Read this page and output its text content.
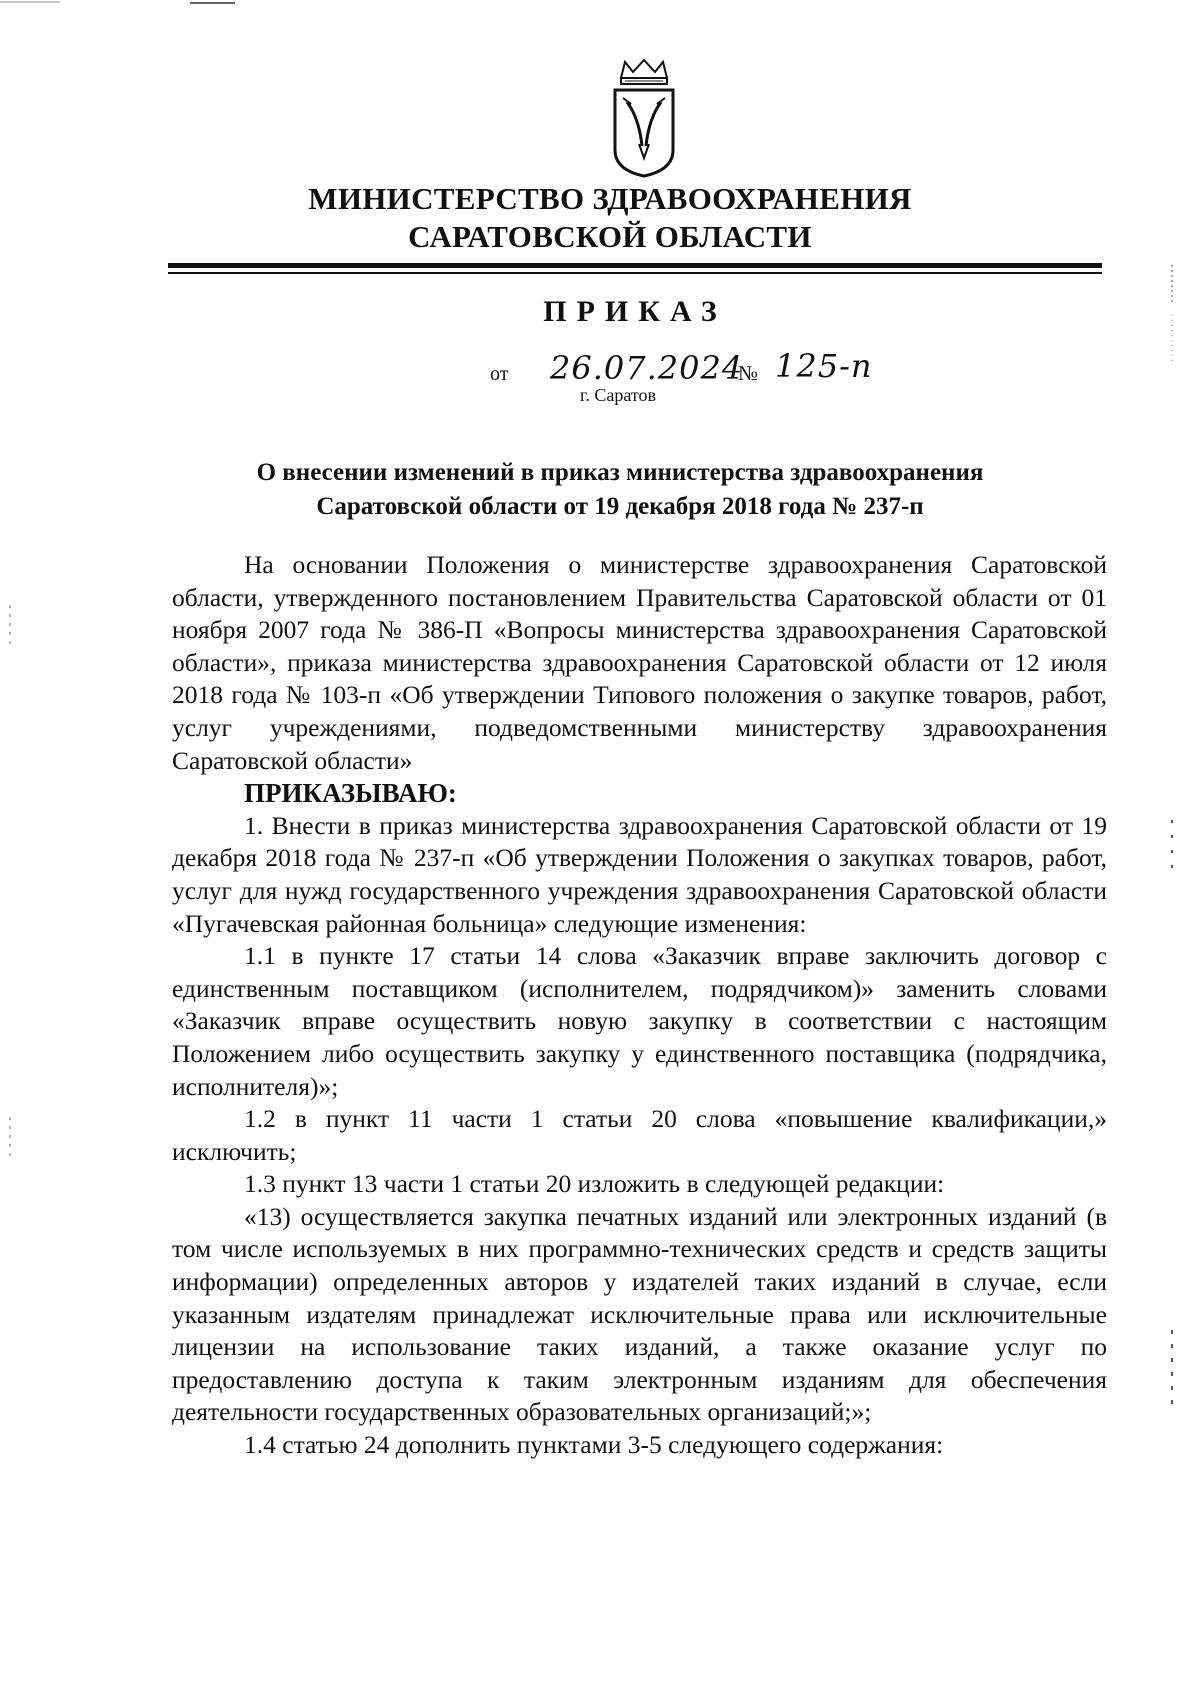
МИНИСТЕРСТВО ЗДРАВООХРАНЕНИЯ
САРАТОВСКОЙ ОБЛАСТИ
ПРИКАЗ
от 26.07.2024
№ 125-п
г. Саратов
О внесении изменений в приказ министерства здравоохранения
Саратовской области от 19 декабря 2018 года № 237-п

На основании Положения о министерстве здравоохранения Саратовской области, утвержденного постановлением Правительства Саратовской области от 01 ноября 2007 года № 386-П «Вопросы министерства здравоохранения Саратовской области», приказа министерства здравоохранения Саратовской области от 12 июля 2018 года № 103-п «Об утверждении Типового положения о закупке товаров, работ, услуг учреждениями, подведомственными министерству здравоохранения Саратовской области»

ПРИКАЗЫВАЮ:

1. Внести в приказ министерства здравоохранения Саратовской области от 19 декабря 2018 года № 237-п «Об утверждении Положения о закупках товаров, работ, услуг для нужд государственного учреждения здравоохранения Саратовской области «Пугачевская районная больница» следующие изменения:

1.1 в пункте 17 статьи 14 слова «Заказчик вправе заключить договор с единственным поставщиком (исполнителем, подрядчиком)» заменить словами «Заказчик вправе осуществить новую закупку в соответствии с настоящим Положением либо осуществить закупку у единственного поставщика (подрядчика, исполнителя)»;

1.2 в пункт 11 части 1 статьи 20 слова «повышение квалификации,» исключить;

1.3 пункт 13 части 1 статьи 20 изложить в следующей редакции:

«13) осуществляется закупка печатных изданий или электронных изданий (в том числе используемых в них программно-технических средств и средств защиты информации) определенных авторов у издателей таких изданий в случае, если указанным издателям принадлежат исключительные права или исключительные лицензии на использование таких изданий, а также оказание услуг по предоставлению доступа к таким электронным изданиям для обеспечения деятельности государственных образовательных организаций;»;

1.4 статью 24 дополнить пунктами 3-5 следующего содержания:
